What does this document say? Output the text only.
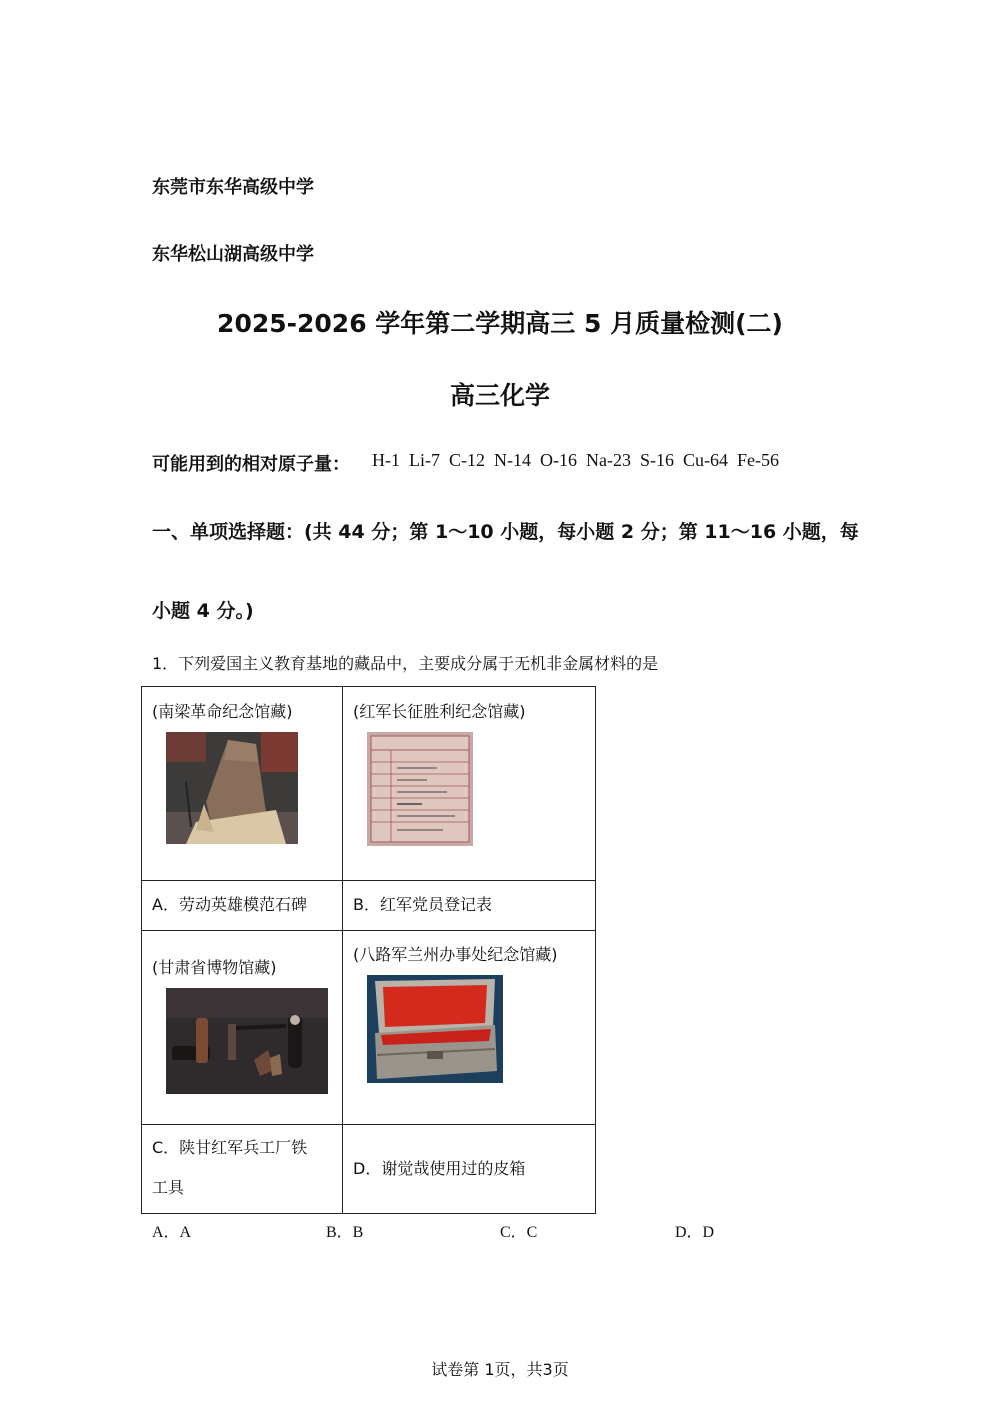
东莞市东华高级中学
东华松山湖高级中学
2025-2026 学年第二学期高三 5 月质量检测(二)
高三化学
可能用到的相对原子量： H-1  Li-7  C-12  N-14  O-16  Na-23  S-16  Cu-64  Fe-56
一、单项选择题：(共 44 分；第 1～10 小题，每小题 2 分；第 11～16 小题，每
小题 4 分。)
1．下列爱国主义教育基地的藏品中，主要成分属于无机非金属材料的是
(南梁革命纪念馆藏)	(红军长征胜利纪念馆藏)

A．劳动英雄模范石碑	B．红军党员登记表

(甘肃省博物馆藏)	(八路军兰州办事处纪念馆藏)

C．陕甘红军兵工厂铁
工具	D．谢觉哉使用过的皮箱
A．A	B．B	C．C	D．D
试卷第 1页，共3页
